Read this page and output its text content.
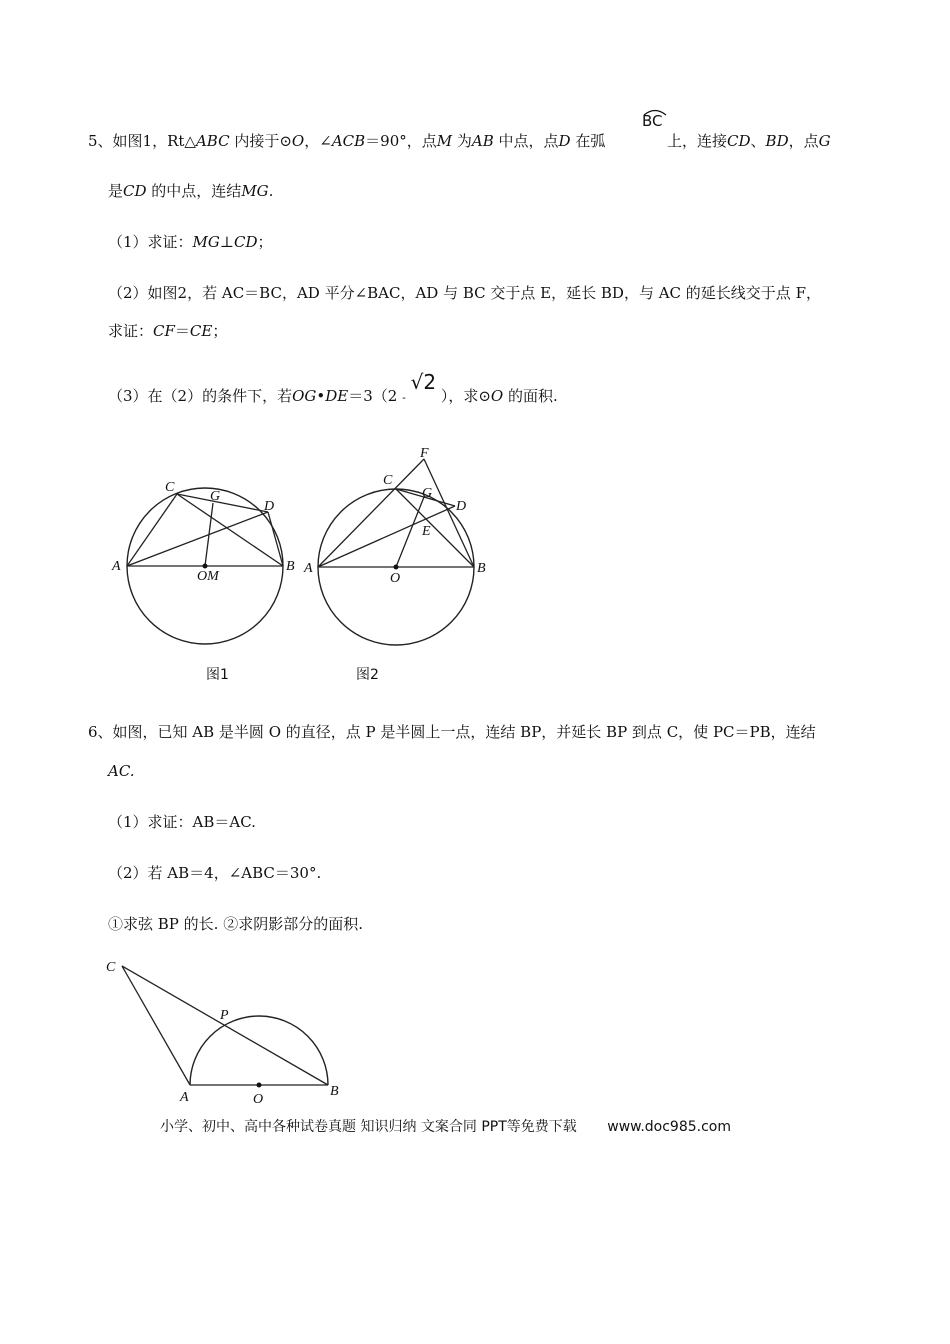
5、如图1，Rt△ABC 内接于⊙O，∠ACB＝90°，点M 为AB 中点，点D 在弧
BC
上，连接CD、BD，点G
是CD 的中点，连结MG.
（1）求证：MG⊥CD；
（2）如图2，若 AC＝BC，AD 平分∠BAC，AD 与 BC 交于点 E，延长 BD，与 AC 的延长线交于点 F，
求证：CF＝CE；
（3）在（2）的条件下，若OG•DE＝3（2 - √2 ），求⊙O 的面积.
A	B
C
G
D
OM
图1
A	B
C
F
G
D
E
O
图2
6、如图，已知 AB 是半圆 O 的直径，点 P 是半圆上一点，连结 BP，并延长 BP 到点 C，使 PC＝PB，连结
AC.
（1）求证：AB＝AC.
（2）若 AB＝4，∠ABC＝30°.
①求弦 BP 的长. ②求阴影部分的面积.
C
P
A	O
B
小学、初中、高中各种试卷真题 知识归纳 文案合同 PPT等免费下载 www.doc985.com
